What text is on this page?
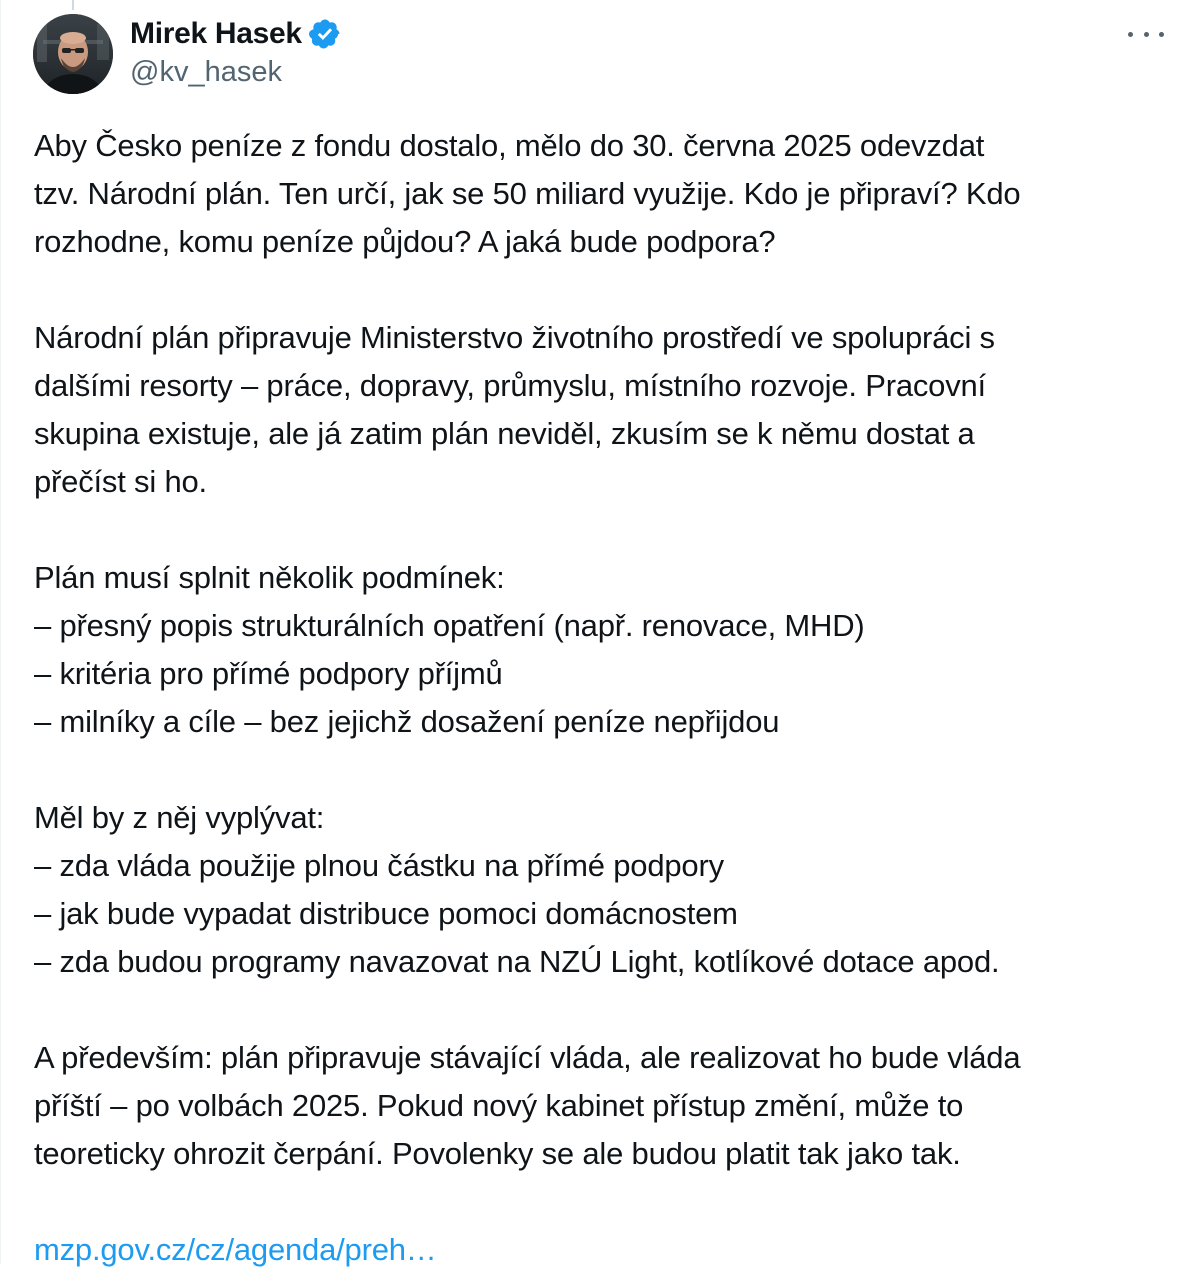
Mirek Hasek
@kv_hasek
Aby Česko peníze z fondu dostalo, mělo do 30. června 2025 odevzdat
tzv. Národní plán. Ten určí, jak se 50 miliard využije. Kdo je připraví? Kdo
rozhodne, komu peníze půjdou? A jaká bude podpora?
Národní plán připravuje Ministerstvo životního prostředí ve spolupráci s
dalšími resorty – práce, dopravy, průmyslu, místního rozvoje. Pracovní
skupina existuje, ale já zatim plán neviděl, zkusím se k němu dostat a
přečíst si ho.
Plán musí splnit několik podmínek:
– přesný popis strukturálních opatření (např. renovace, MHD)
– kritéria pro přímé podpory příjmů
– milníky a cíle – bez jejichž dosažení peníze nepřijdou
Měl by z něj vyplývat:
– zda vláda použije plnou částku na přímé podpory
– jak bude vypadat distribuce pomoci domácnostem
– zda budou programy navazovat na NZÚ Light, kotlíkové dotace apod.
A především: plán připravuje stávající vláda, ale realizovat ho bude vláda
příští – po volbách 2025. Pokud nový kabinet přístup změní, může to
teoreticky ohrozit čerpání. Povolenky se ale budou platit tak jako tak.
mzp.gov.cz/cz/agenda/preh…
